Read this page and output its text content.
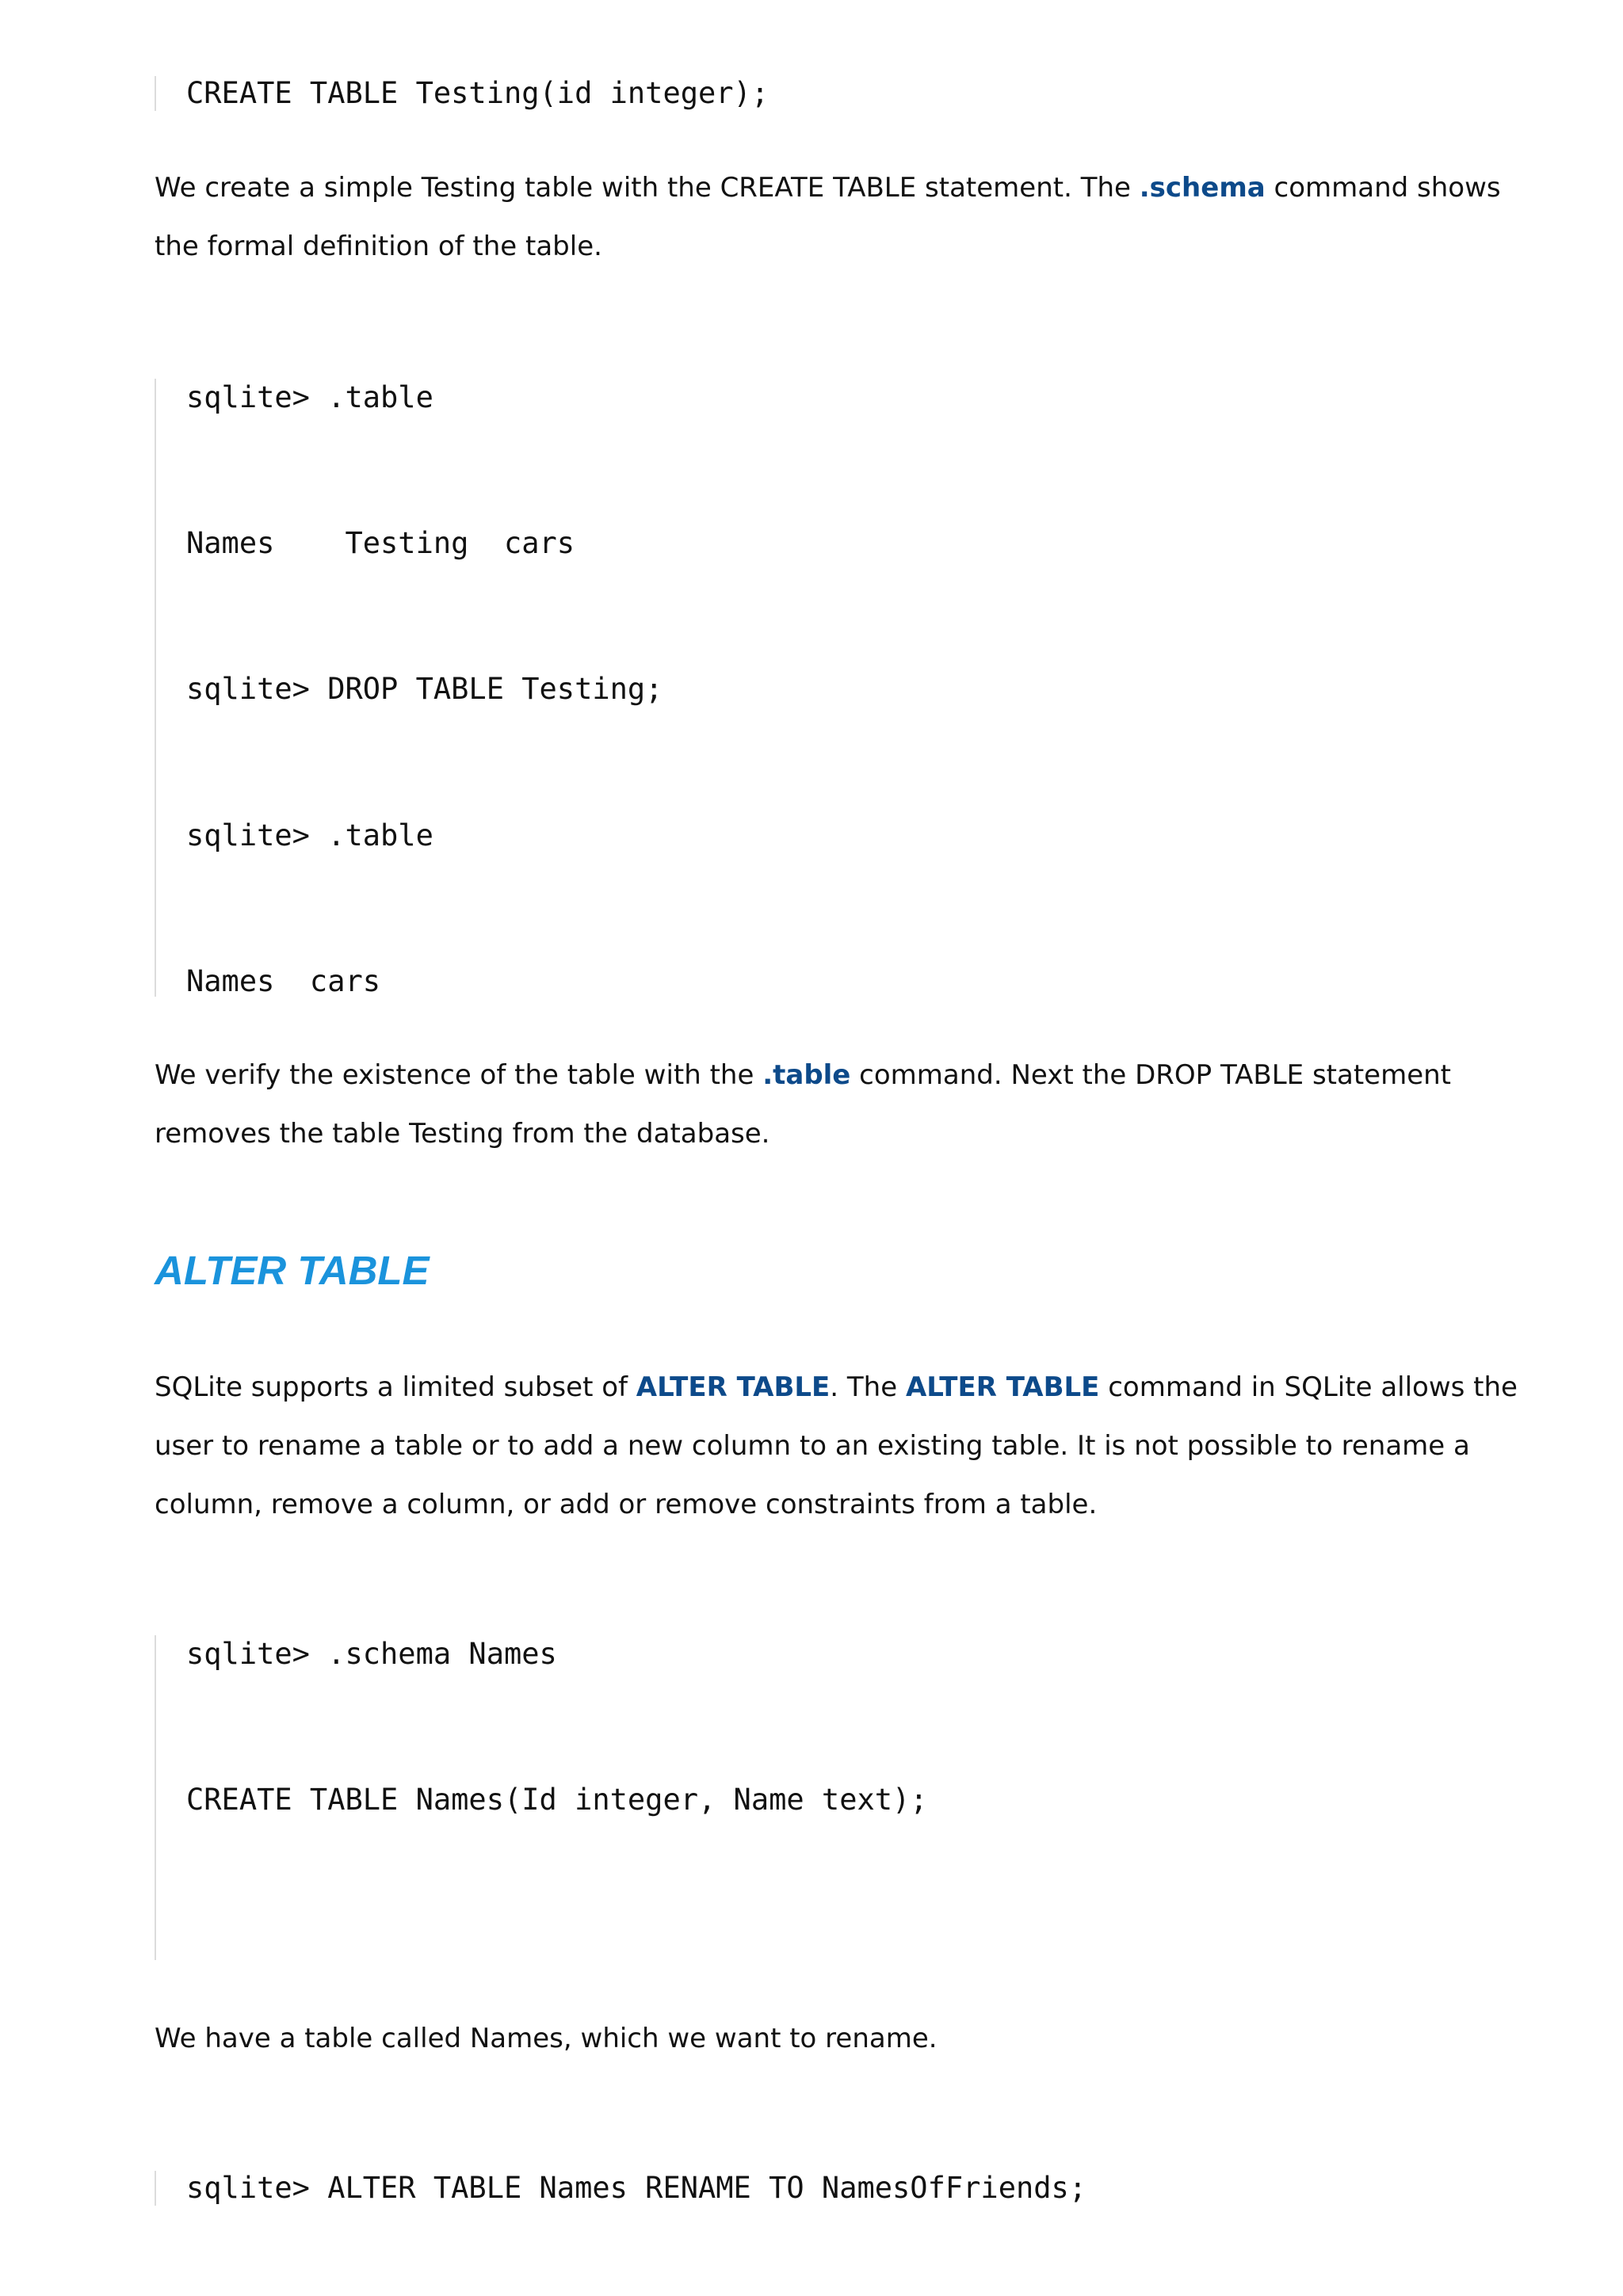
CREATE TABLE Testing(id integer);
We create a simple Testing table with the CREATE TABLE statement. The .schema command shows the formal definition of the table.
sqlite> .table
Names    Testing  cars
sqlite> DROP TABLE Testing;
sqlite> .table
Names  cars
We verify the existence of the table with the .table command. Next the DROP TABLE statement removes the table Testing from the database.
ALTER TABLE
SQLite supports a limited subset of ALTER TABLE. The ALTER TABLE command in SQLite allows the user to rename a table or to add a new column to an existing table. It is not possible to rename a column, remove a column, or add or remove constraints from a table.
sqlite> .schema Names
CREATE TABLE Names(Id integer, Name text);
We have a table called Names, which we want to rename.
sqlite> ALTER TABLE Names RENAME TO NamesOfFriends;
